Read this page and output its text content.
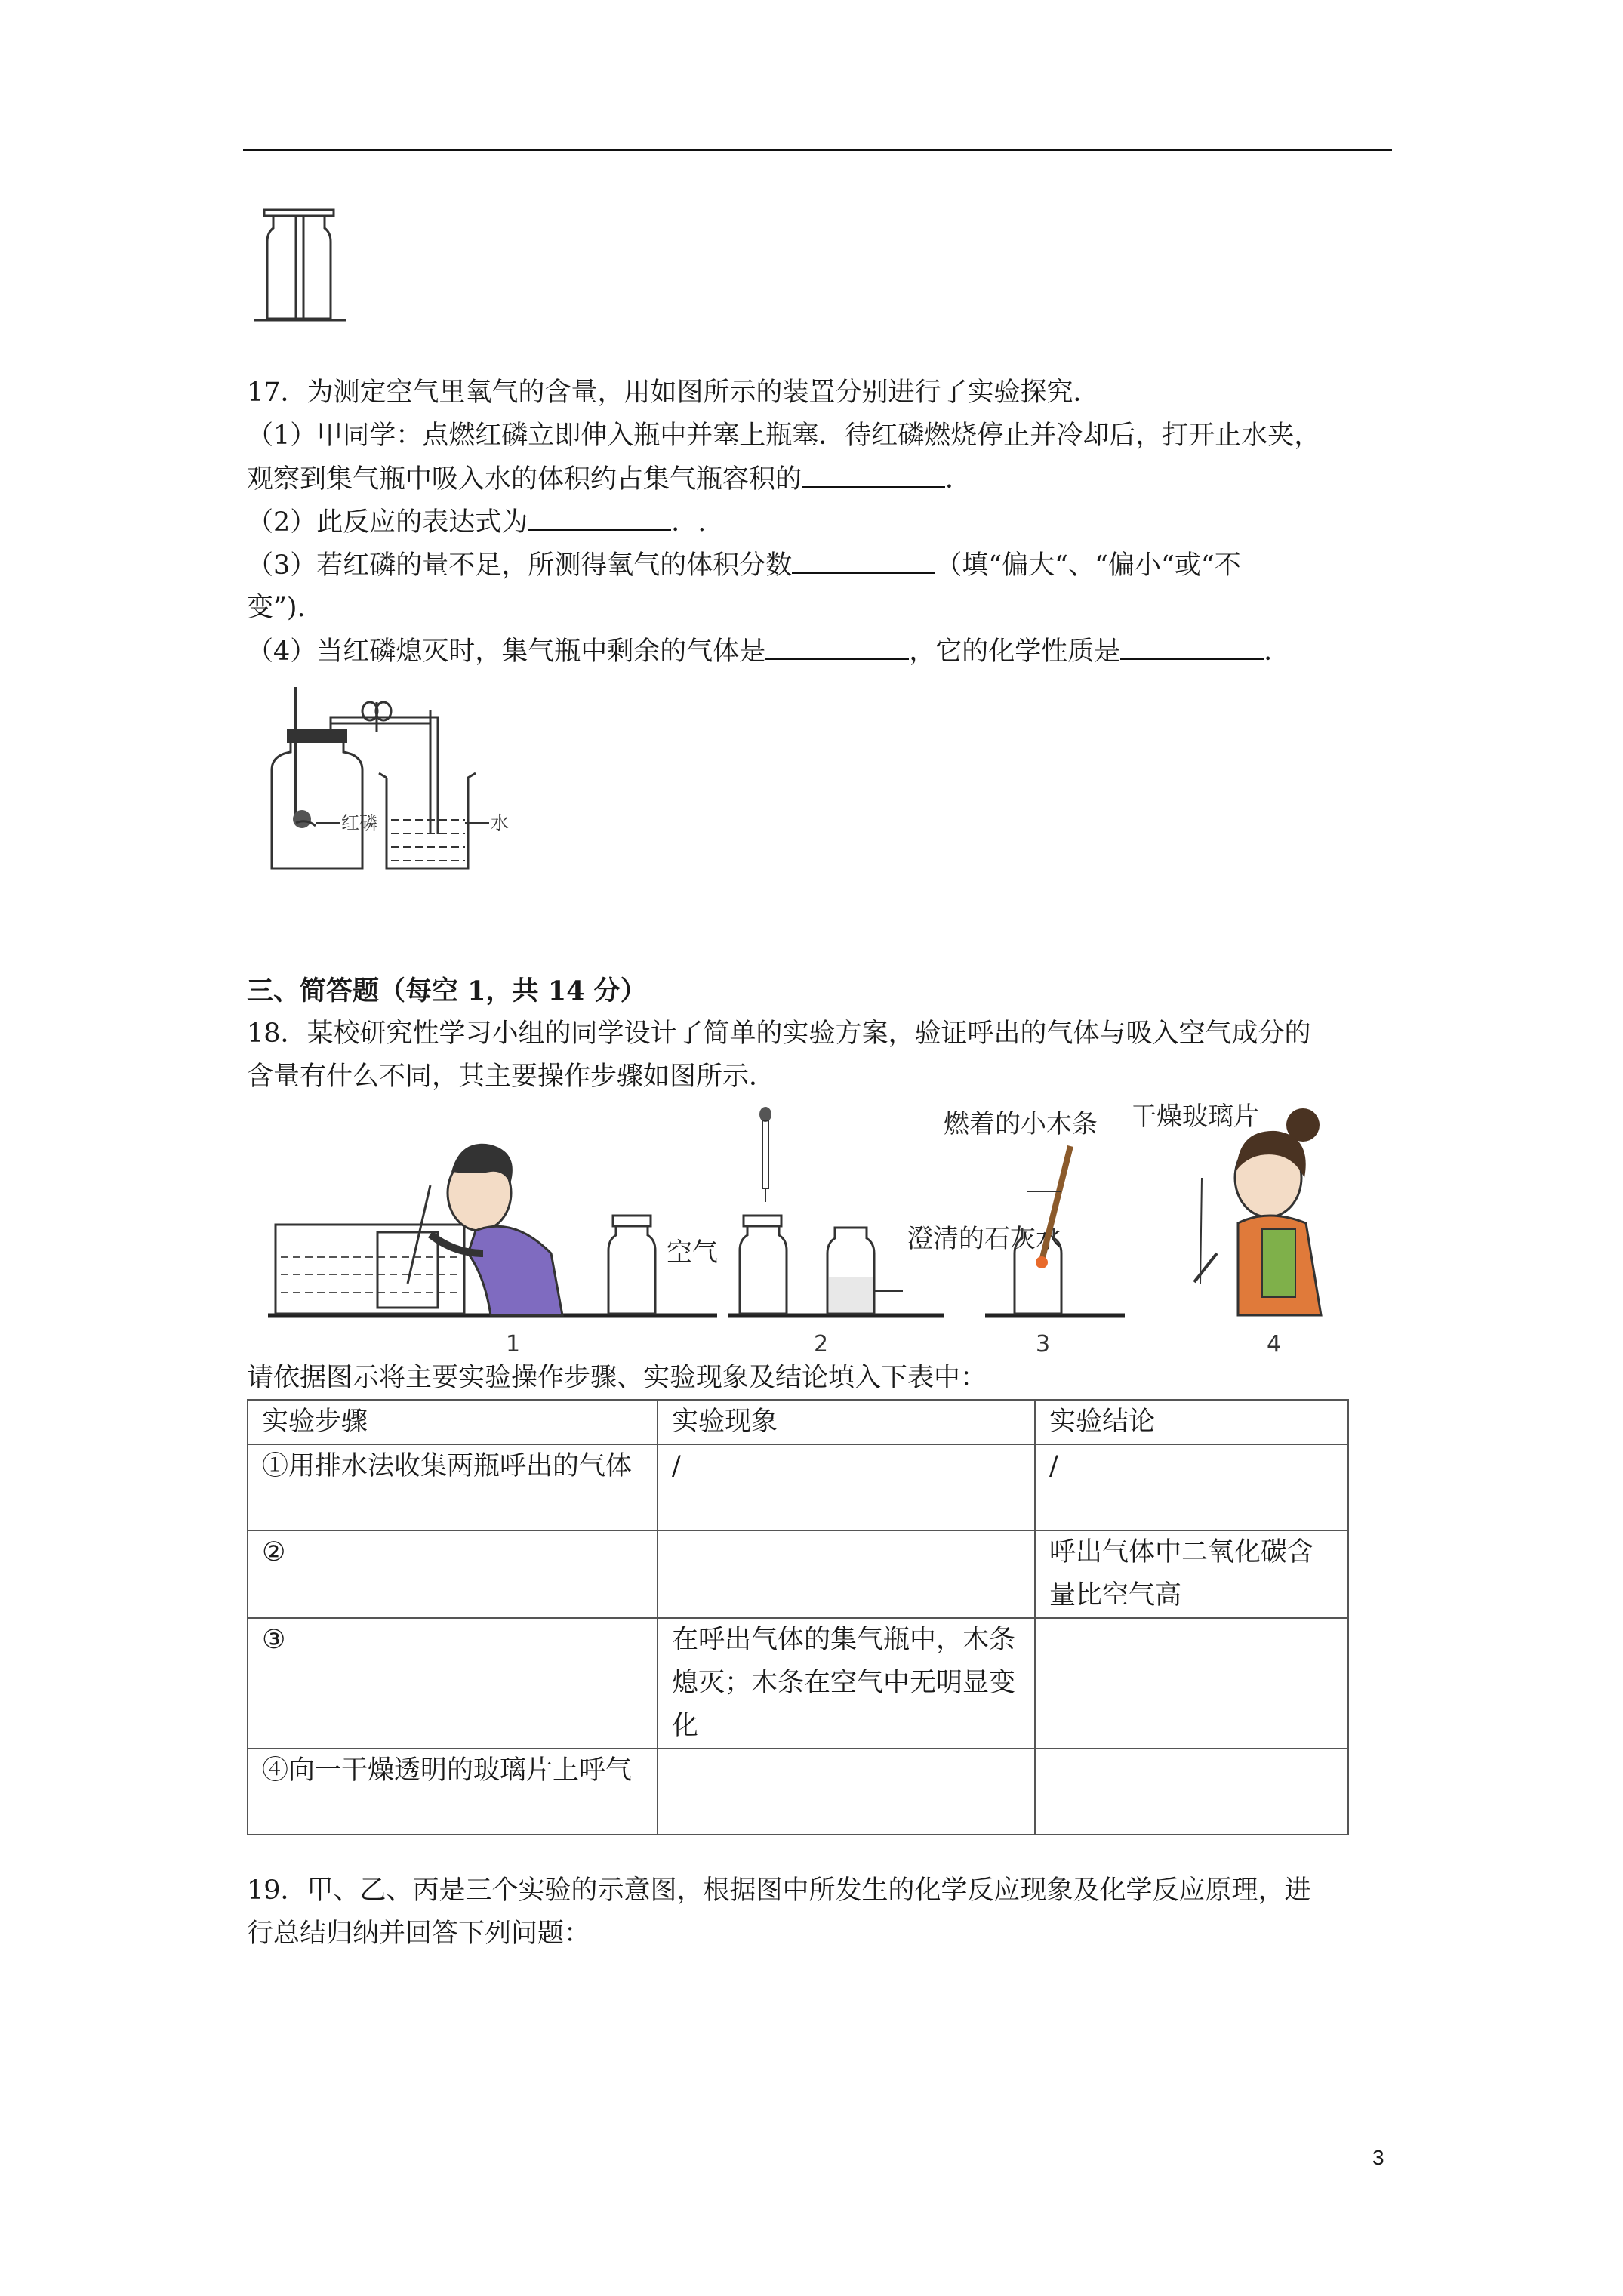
17．为测定空气里氧气的含量，用如图所示的装置分别进行了实验探究．
（1）甲同学：点燃红磷立即伸入瓶中并塞上瓶塞．待红磷燃烧停止并冷却后，打开止水夹，
观察到集气瓶中吸入水的体积约占集气瓶容积的	．
（2）此反应的表达式为	．.
（3）若红磷的量不足，所测得氧气的体积分数	（填“偏大“、“偏小“或“不
变”).
（4）当红磷熄灭时，集气瓶中剩余的气体是	，它的化学性质是	．
红磷	水
三、简答题（每空 1，共 14 分）
18．某校研究性学习小组的同学设计了简单的实验方案，验证呼出的气体与吸入空气成分的
含量有什么不同，其主要操作步骤如图所示．
空气
1
澄清的石灰水
2
燃着的小木条
3
干燥玻璃片
4
请依据图示将主要实验操作步骤、实验现象及结论填入下表中：
实验步骤	实验现象	实验结论
①用排水法收集两瓶呼出的气体	/	/
②		呼出气体中二氧化碳含量比空气高
③	在呼出气体的集气瓶中，木条熄灭；木条在空气中无明显变化	
④向一干燥透明的玻璃片上呼气		
19．甲、乙、丙是三个实验的示意图，根据图中所发生的化学反应现象及化学反应原理，进
行总结归纳并回答下列问题：
3
